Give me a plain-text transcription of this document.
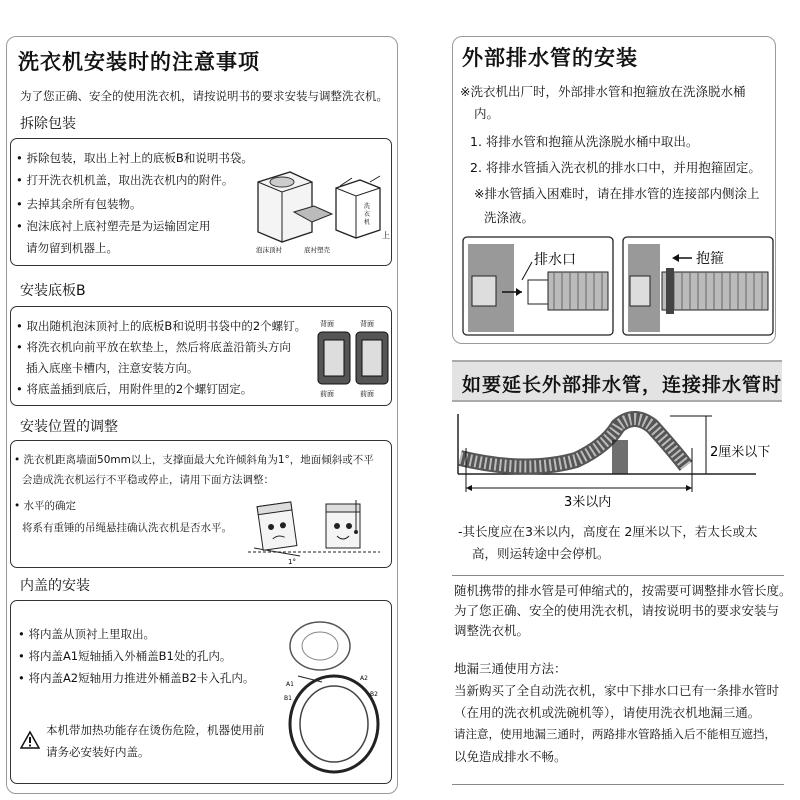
洗衣机安装时的注意事项
为了您正确、安全的使用洗衣机，请按说明书的要求安装与调整洗衣机。
拆除包装
• 拆除包装，取出上衬上的底板B和说明书袋。
• 打开洗衣机机盖，取出洗衣机内的附件。
• 去掉其余所有包装物。
• 泡沫底衬上底衬塑壳是为运输固定用
请勿留到机器上。
洗
衣
机
上
泡沫顶衬	底衬塑壳
安装底板B
• 取出随机泡沫顶衬上的底板B和说明书袋中的2个螺钉。
• 将洗衣机向前平放在软垫上，然后将底盖沿箭头方向
插入底座卡槽内，注意安装方向。
• 将底盖插到底后，用附件里的2个螺钉固定。
背面	背面
前面	前面
安装位置的调整
• 洗衣机距离墙面50mm以上，支撑面最大允许倾斜角为1°，地面倾斜或不平
会造成洗衣机运行不平稳或停止，请用下面方法调整：
• 水平的确定
将系有重锤的吊绳悬挂确认洗衣机是否水平。
1°
内盖的安装
• 将内盖从顶衬上里取出。
• 将内盖A1短轴插入外桶盖B1处的孔内。
• 将内盖A2短轴用力推进外桶盖B2卡入孔内。
本机带加热功能存在烫伤危险，机器使用前
请务必安装好内盖。
A1
A2
B1
B2
外部排水管的安装
※洗衣机出厂时，外部排水管和抱箍放在洗涤脱水桶
内。
1. 将排水管和抱箍从洗涤脱水桶中取出。
2. 将排水管插入洗衣机的排水口中，并用抱箍固定。
※排水管插入困难时，请在排水管的连接部内侧涂上
洗涤液。
排水口	抱箍
如要延长外部排水管，连接排水管时
2厘米以下
3米以内
-其长度应在3米以内，高度在 2厘米以下，若太长或太
高，则运转途中会停机。
随机携带的排水管是可伸缩式的，按需要可调整排水管长度。
为了您正确、安全的使用洗衣机，请按说明书的要求安装与
调整洗衣机。
地漏三通使用方法：
当新购买了全自动洗衣机，家中下排水口已有一条排水管时
（在用的洗衣机或洗碗机等），请使用洗衣机地漏三通。
请注意，使用地漏三通时，两路排水管路插入后不能相互遮挡，
以免造成排水不畅。
